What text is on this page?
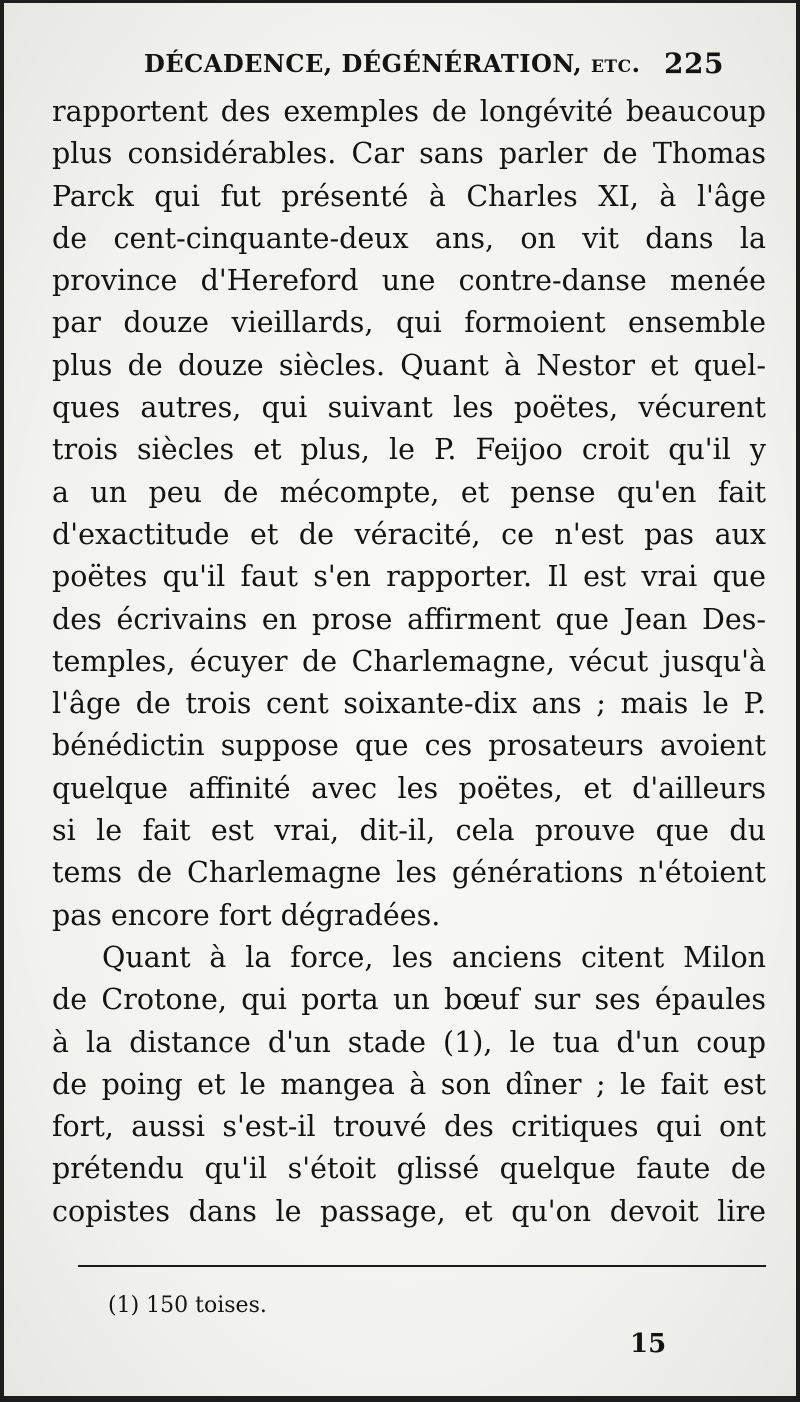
DÉCADENCE, DÉGÉNÉRATION, etc. 225
rapportent des exemples de longévité beaucoup
plus considérables. Car sans parler de Thomas
Parck qui fut présenté à Charles XI, à l'âge
de cent-cinquante-deux ans, on vit dans la
province d'Hereford une contre-danse menée
par douze vieillards, qui formoient ensemble
plus de douze siècles. Quant à Nestor et quel-
ques autres, qui suivant les poëtes, vécurent
trois siècles et plus, le P. Feijoo croit qu'il y
a un peu de mécompte, et pense qu'en fait
d'exactitude et de véracité, ce n'est pas aux
poëtes qu'il faut s'en rapporter. Il est vrai que
des écrivains en prose affirment que Jean Des-
temples, écuyer de Charlemagne, vécut jusqu'à
l'âge de trois cent soixante-dix ans ; mais le P.
bénédictin suppose que ces prosateurs avoient
quelque affinité avec les poëtes, et d'ailleurs
si le fait est vrai, dit-il, cela prouve que du
tems de Charlemagne les générations n'étoient
pas encore fort dégradées.
Quant à la force, les anciens citent Milon
de Crotone, qui porta un bœuf sur ses épaules
à la distance d'un stade (1), le tua d'un coup
de poing et le mangea à son dîner ; le fait est
fort, aussi s'est-il trouvé des critiques qui ont
prétendu qu'il s'étoit glissé quelque faute de
copistes dans le passage, et qu'on devoit lire
(1) 150 toises.
15
